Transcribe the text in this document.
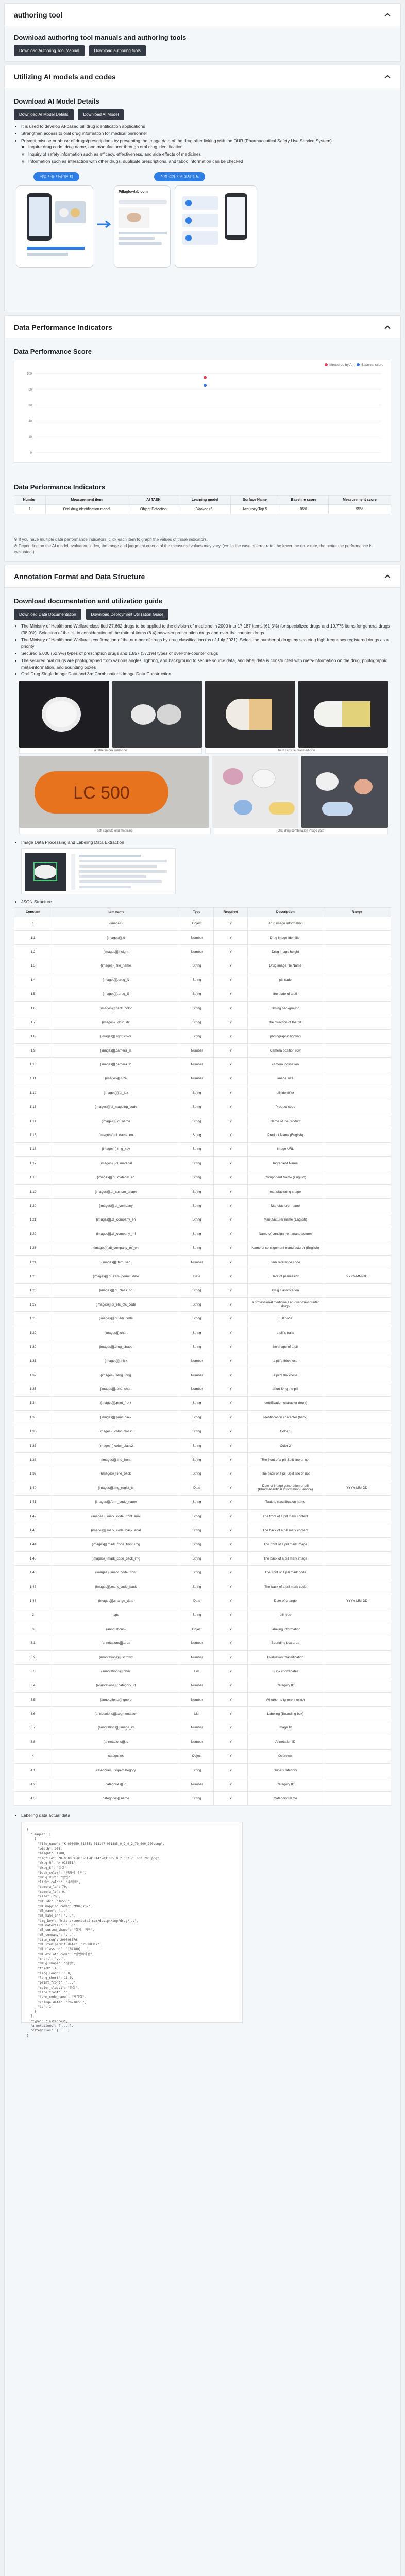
authoring tool
Download authoring tool manuals and authoring tools
Download Authoring Tool Manual	Download authoring tools
Utilizing AI models and codes
Download AI Model Details
Download AI Model Details	Download AI Model
• It is used to develop AI-based pill drug identification applications
• Strengthen access to oral drug information for medical personnel
• Prevent misuse or abuse of drugs/prescriptions by preventing the image data of the drug after linking with the DUR (Pharmaceutical Safety Use Service System)
◦ Inquire drug code, drug name, and manufacturer through oral drug identification
◦ Inquiry of safety information such as efficacy, effectiveness, and side effects of medicines
◦ Information such as interaction with other drugs, duplicate prescriptions, and taboo information can be checked
식별 사용 약물데이터	식별 결과 기반 모델 정보
Pillaglowlab.com
Data Performance Indicators
Data Performance Score
Measured by AI	Baseline score
100
80
60
40
20
0
Data Performance Indicators
Number	Measurement item	AI TASK	Learning model	Surface Name	Baseline score	Measurement score
1	Oral drug identification model	Object Detection	Yaoved (5)	Accuracy/Top 5	85%	95%

※ If you have multiple data performance indicators, click each item to graph the values of those indicators.

※ Depending on the AI model evaluation index, the range and judgment criteria of the measured values may vary. (ex. In the case of error rate, the lower the error rate, the better the performance is evaluated.)

Annotation Format and Data Structure
Download documentation and utilization guide
Download Data Documentation	Download Deployment Utilization Guide
• The Ministry of Health and Welfare classified 27,662 drugs to be applied to the division of medicine in 2000 into 17,187 items (61.3%) for specialized drugs and 10,775 items for general drugs (38.9%). Selection of the list in consideration of the ratio of items (6.4) between prescription drugs and over-the-counter drugs
• The Ministry of Health and Welfare's confirmation of the number of drugs by drug classification (as of July 2021). Select the number of drugs by securing high-frequency registered drugs as a priority
• Secured 5,000 (62.9%) types of prescription drugs and 1,857 (37.1%) types of over-the-counter drugs
• The secured oral drugs are photographed from various angles, lighting, and background to secure source data, and label data is constructed with meta-information on the drug, photographic meta-information, and bounding boxes
• Oral Drug Single Image Data and 3rd Combinations Image Data Construction
a tablet in oral medicine	hard capsule oral medicine
LC 500
soft capsule oral medicine	Oral drug combination image data
• Image Data Processing and Labeling Data Extraction
• JSON Structure
Constant	Item name	Type	Required	Description	Range
1	{images}	Object	Y	Drug image information	
1.1	{images}[].id	Number	Y	Drug image identifier	
1.2	{images}[].height	Number	Y	Drug image height	
1.3	{images}[].file_name	String	Y	Drug image file Name	
1.4	{images}[].drug_N	String	Y	pill code	
1.5	{images}[].drug_S	String	Y	the state of a pill	
1.6	{images}[].back_color	String	Y	filming background	
1.7	{images}[].drug_dir	String	Y	the direction of the pill	
1.8	{images}[].light_color	String	Y	photographic lighting	
1.9	{images}[].camera_la	Number	Y	Camera position row	
1.10	{images}[].camera_lo	Number	Y	camera inclination	
1.11	{images}[].size	Number	Y	image size	
1.12	{images}[].dl_idx	String	Y	pill identifier	
1.13	{images}[].dl_mapping_code	String	Y	Product code	
1.14	{images}[].dl_name	String	Y	Name of the product	
1.15	{images}[].dl_name_en	String	Y	Product Name (English)	
1.16	{images}[].img_key	String	Y	Image URL	
1.17	{images}[].dl_material	String	Y	Ingredient Name	
1.18	{images}[].dl_material_en	String	Y	Component Name (English)	
1.19	{images}[].dl_custom_shape	String	Y	manufacturing shape	
1.20	{images}[].dl_company	String	Y	Manufacturer name	
1.21	{images}[].dl_company_en	String	Y	Manufacturer name (English)	
1.22	{images}[].di_company_mf	String	Y	Name of consignment manufacturer	
1.23	{images}[].di_company_mf_en	String	Y	Name of consignment manufacturer (English)	
1.24	{images}[].item_seq	Number	Y	item reference code	
1.25	{images}[].di_item_permit_date	Date	Y	Date of permission	YYYY-MM-DD
1.26	{images}[].di_class_no	String	Y	Drug classification	
1.27	{images}[].di_etc_otc_code	String	Y	a professional medicine / an over-the-counter drugs	
1.28	{images}[].di_edi_code	String	Y	EDI code	
1.29	{images}[].chart	String	Y	a pill's traits	
1.30	{images}[].drug_shape	String	Y	the shape of a pill	
1.31	{images}[].thick	Number	Y	a pill's thickness	
1.32	{images}[].leng_long	Number	Y	a pill's thickness	
1.33	{images}[].leng_short	Number	Y	short-long the pill	
1.34	{images}[].print_front	String	Y	Identification character (front)	
1.35	{images}[].print_back	String	Y	Identification character (back)	
1.36	{images}[].color_class1	String	Y	Color 1	
1.37	{images}[].color_class2	String	Y	Color 2	
1.38	{images}[].line_front	String	Y	The front of a pill Split line or not	
1.39	{images}[].line_back	String	Y	The back of a pill Split line or not	
1.40	{images}[].img_regist_ts	Date	Y	Date of image generation of pill (Pharmaceutical Information Service)	YYYY-MM-DD
1.41	{images}[].form_code_name	String	Y	Tablets classification name	
1.42	{images}[].mark_code_front_anal	String	Y	The front of a pill mark content	
1.43	{images}[].mark_code_back_anal	String	Y	The back of a pill mark content	
1.44	{images}[].mark_code_front_img	String	Y	The front of a pill mark image	
1.45	{images}[].mark_code_back_img	String	Y	The back of a pill mark image	
1.46	{images}[].mark_code_front	String	Y	The front of a pill mark code	
1.47	{images}[].mark_code_back	String	Y	The back of a pill mark code	
1.48	{images}[].change_date	Date	Y	Date of change	YYYY-MM-DD
2	type	String	Y	pill type	
3	{annotations}	Object	Y	Labeling information	
3.1	{annotations}[].area	Number	Y	Bounding box area	
3.2	{annotations}[].iscrowd	Number	Y	Evaluation Classification	
3.3	{annotations}[].bbox	List	Y	BBox coordinates	
3.4	{annotations}[].category_id	Number	Y	Category ID	
3.5	{annotations}[].ignore	Number	Y	Whether to ignore it or not	
3.6	{annotations}[].segmentation	List	Y	Labeling (Bounding box)	
3.7	{annotations}[].image_id	Number	Y	Image ID	
3.8	{annotations}[].id	Number	Y	Annotation ID	
4	categories	Object	Y	Overview	
4.1	categories[].supercategory	String	Y	Super Category	
4.2	categories[].id	Number	Y	Category ID	
4.3	categories[].name	String	Y	Category Name	
• Labeling data actual data
{
"images": [
{
"file_name": "K-000059-016551-018147-031885_0_2_0_2_70_000_200.png",
"width": 976,
"height": 1280,
"imgfile": "K-000059-016551-018147-031885_0_2_0_2_70_000_200.png",
"drug_N": "K-016551",
"drug_S": "정상",
"back_color": "연회색 배경",
"drug_dir": "앞면",
"light_color": "주백색",
"camera_la": 70,
"camera_lo": 0,
"size": 200,
"dl_idx": "16550",
"dl_mapping_code": "M040702",
"dl_name": "...",
"dl_name_en": "...",
"img_key": "http://connectdi.com/design/img/drug/...",
"dl_material": "...",
"dl_custom_shape": "정제, 저작",
"dl_company": "...",
"item_seq": 200808876,
"di_item_permit_date": "20080312",
"di_class_no": "[04180]...",
"di_etc_otc_code": "일반의약품",
"chart": "...",
"drug_shape": "원형",
"thick": 4.5,
"leng_long": 11.0,
"leng_short": 11.0,
"print_front": "...",
"color_class1": "분홍",
"line_front": "",
"form_code_name": "저작정",
"change_date": "20210225",
"id": 1
}
],
"type": "instances",
"annotations": [ ... ],
"categories": [ ... ]
}
